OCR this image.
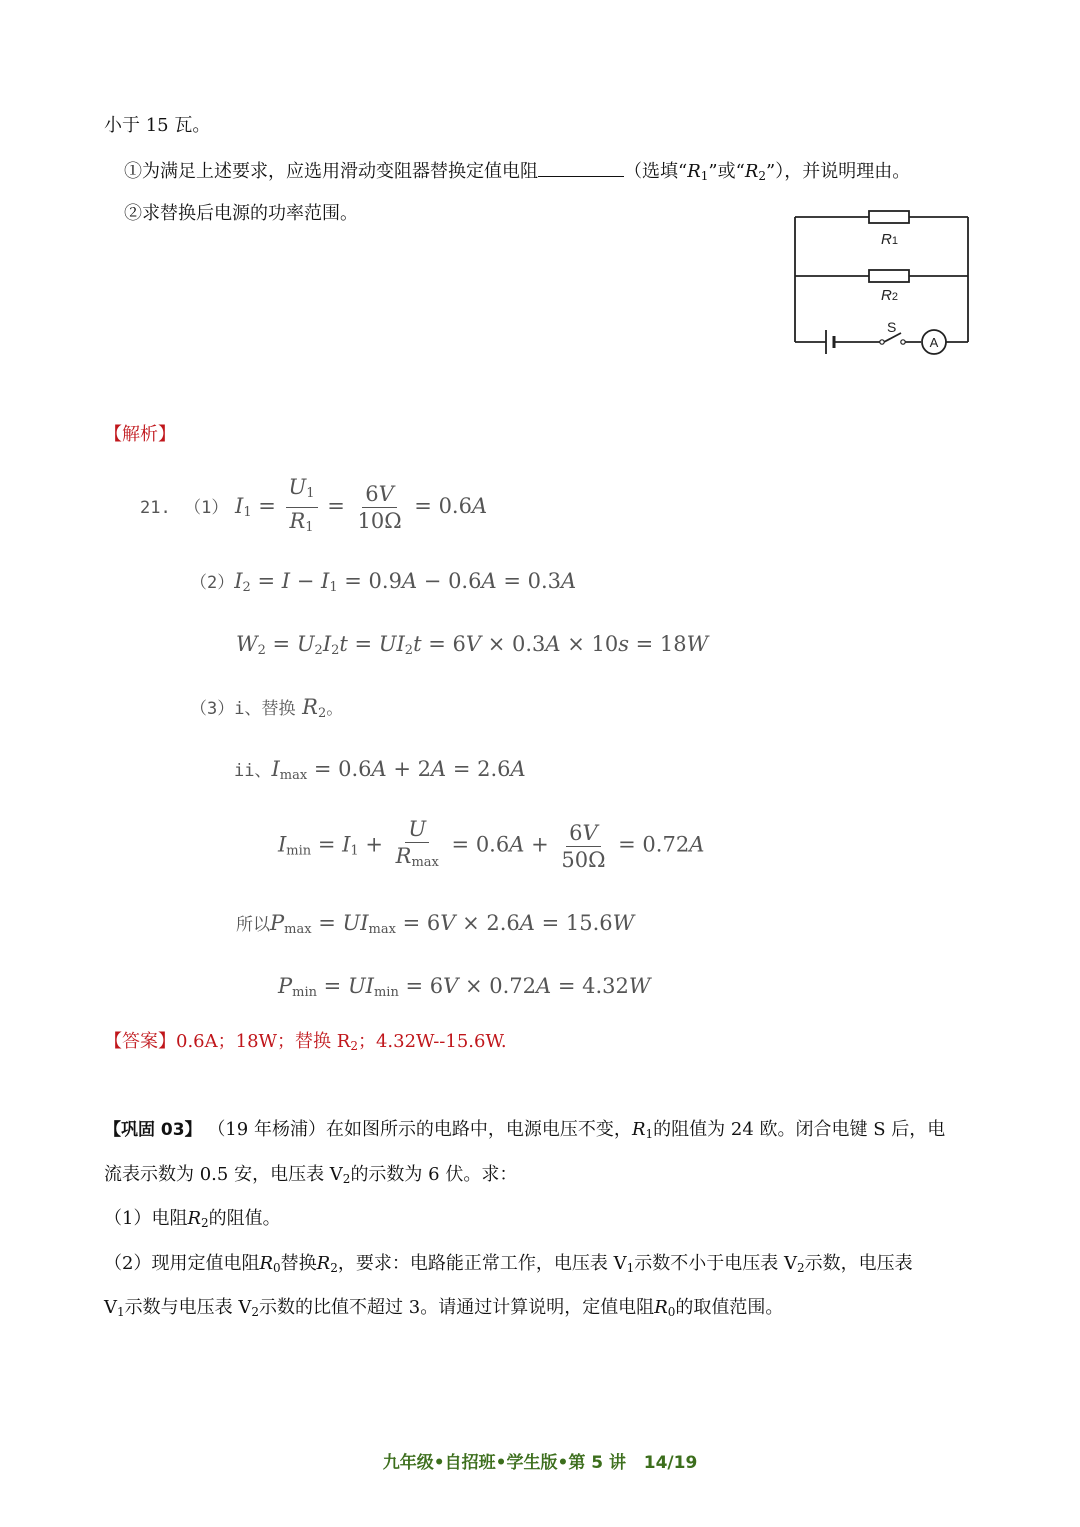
小于 15 瓦。
①为满足上述要求，应选用滑动变阻器替换定值电阻	（选填“$R_1$”或“$R_2$”），并说明理由。
②求替换后电源的功率范围。
R1
R2
S
A
【解析】
21. （1） $I_1 = \frac{U_1}{R_1} = \frac{6V}{10\Omega} = 0.6A$
$(2)I_2 = I - I_1 = 0.9A - 0.6A = 0.3A$
$W_2 = U_2I_2t = UI_2t = 6V \times 0.3A \times 10s = 18W$
（3）i、替换 $R_2$。
ii、$I_{max} = 0.6A + 2A = 2.6A$
$I_{min} = I_1 + \frac{U}{R_{max}} = 0.6A + \frac{6V}{50\Omega} = 0.72A$
所以$P_{max} = UI_{max} = 6V \times 2.6A = 15.6W$
$P_{min} = UI_{min} = 6V \times 0.72A = 4.32W$
【答案】0.6A；18W；替换 $R_2$；4.32W--15.6W.
【巩固 03】 （19 年杨浦）在如图所示的电路中，电源电压不变，$R_1$的阻值为 24 欧。闭合电键 S 后，电
流表示数为 0.5 安，电压表 $V_2$的示数为 6 伏。求：
（1）电阻$R_2$的阻值。
（2）现用定值电阻$R_0$替换$R_2$，要求：电路能正常工作，电压表 $V_1$示数不小于电压表 $V_2$示数，电压表
$V_1$示数与电压表 $V_2$示数的比值不超过 3。请通过计算说明，定值电阻$R_0$的取值范围。
九年级•自招班•学生版•第 5 讲 14/19
